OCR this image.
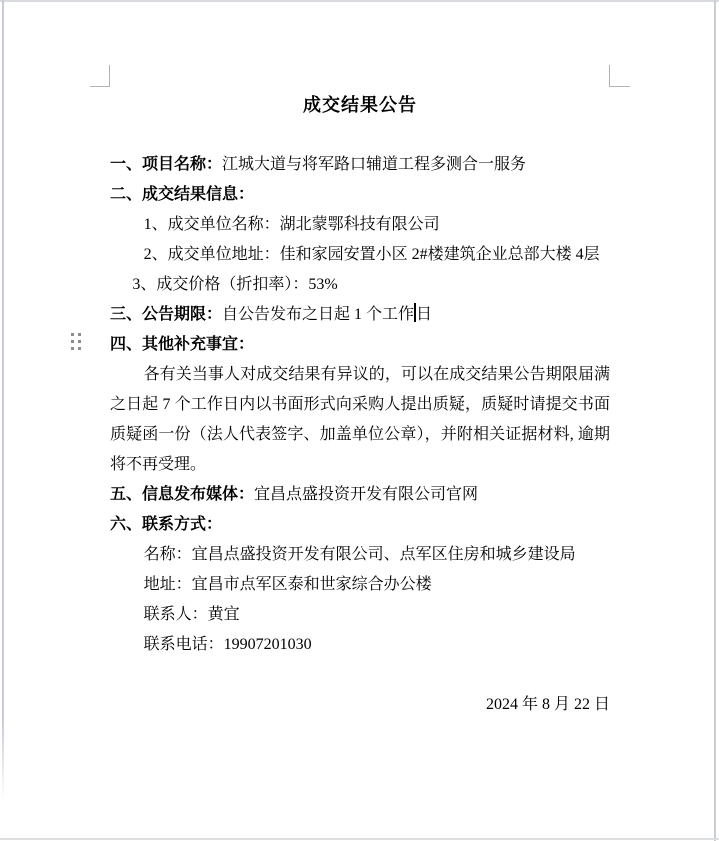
成交结果公告
一、项目名称：江城大道与将军路口辅道工程多测合一服务
二、成交结果信息：
1、成交单位名称：湖北蒙鄂科技有限公司
2、成交单位地址：佳和家园安置小区 2#楼建筑企业总部大楼 4层
3、成交价格（折扣率）：53%
三、公告期限：自公告发布之日起 1 个工作 日
四、其他补充事宜：
各有关当事人对成交结果有异议的，可以在成交结果公告期限届满之日起 7 个工作日内以书面形式向采购人提出质疑，质疑时请提交书面质疑函一份（法人代表签字、加盖单位公章），并附相关证据材料, 逾期将不再受理。
五、信息发布媒体：宜昌点盛投资开发有限公司官网
六、联系方式：
名称：宜昌点盛投资开发有限公司、点军区住房和城乡建设局
地址：宜昌市点军区泰和世家综合办公楼
联系人：黄宜
联系电话：19907201030
2024 年 8 月 22 日
